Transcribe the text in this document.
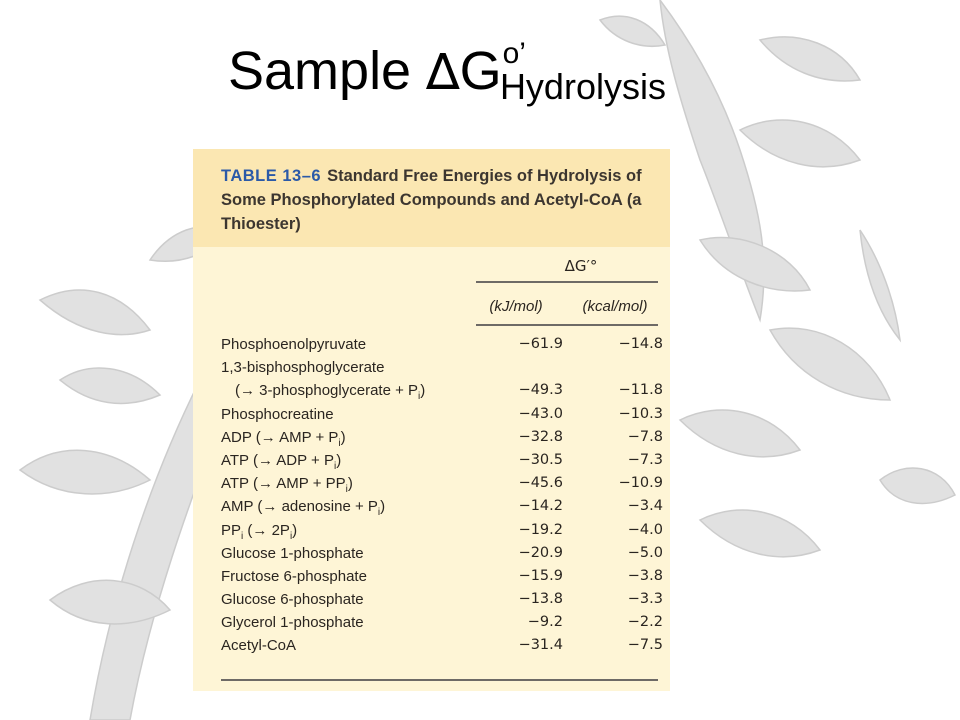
Sample $\Delta G^{o’}Hydrolysis$
TABLE 13–6 Standard Free Energies of Hydrolysis of Some Phosphorylated Compounds and Acetyl-CoA (a Thioester)
ΔG′°
(kJ/mol)	(kcal/mol)
Phosphoenolpyruvate	−61.9	−14.8
1,3-bisphosphoglycerate
(→ 3-phosphoglycerate + $P_i$)	−49.3	−11.8
Phosphocreatine	−43.0	−10.3
ADP (→ AMP + $P_i$)	−32.8	−7.8
ATP (→ ADP + $P_i$)	−30.5	−7.3
ATP (→ AMP + $PP_i$)	−45.6	−10.9
AMP (→ adenosine + $P_i$)	−14.2	−3.4
$PP_i$ (→ $2P_i$)	−19.2	−4.0
Glucose 1-phosphate	−20.9	−5.0
Fructose 6-phosphate	−15.9	−3.8
Glucose 6-phosphate	−13.8	−3.3
Glycerol 1-phosphate	−9.2	−2.2
Acetyl-CoA	−31.4	−7.5
